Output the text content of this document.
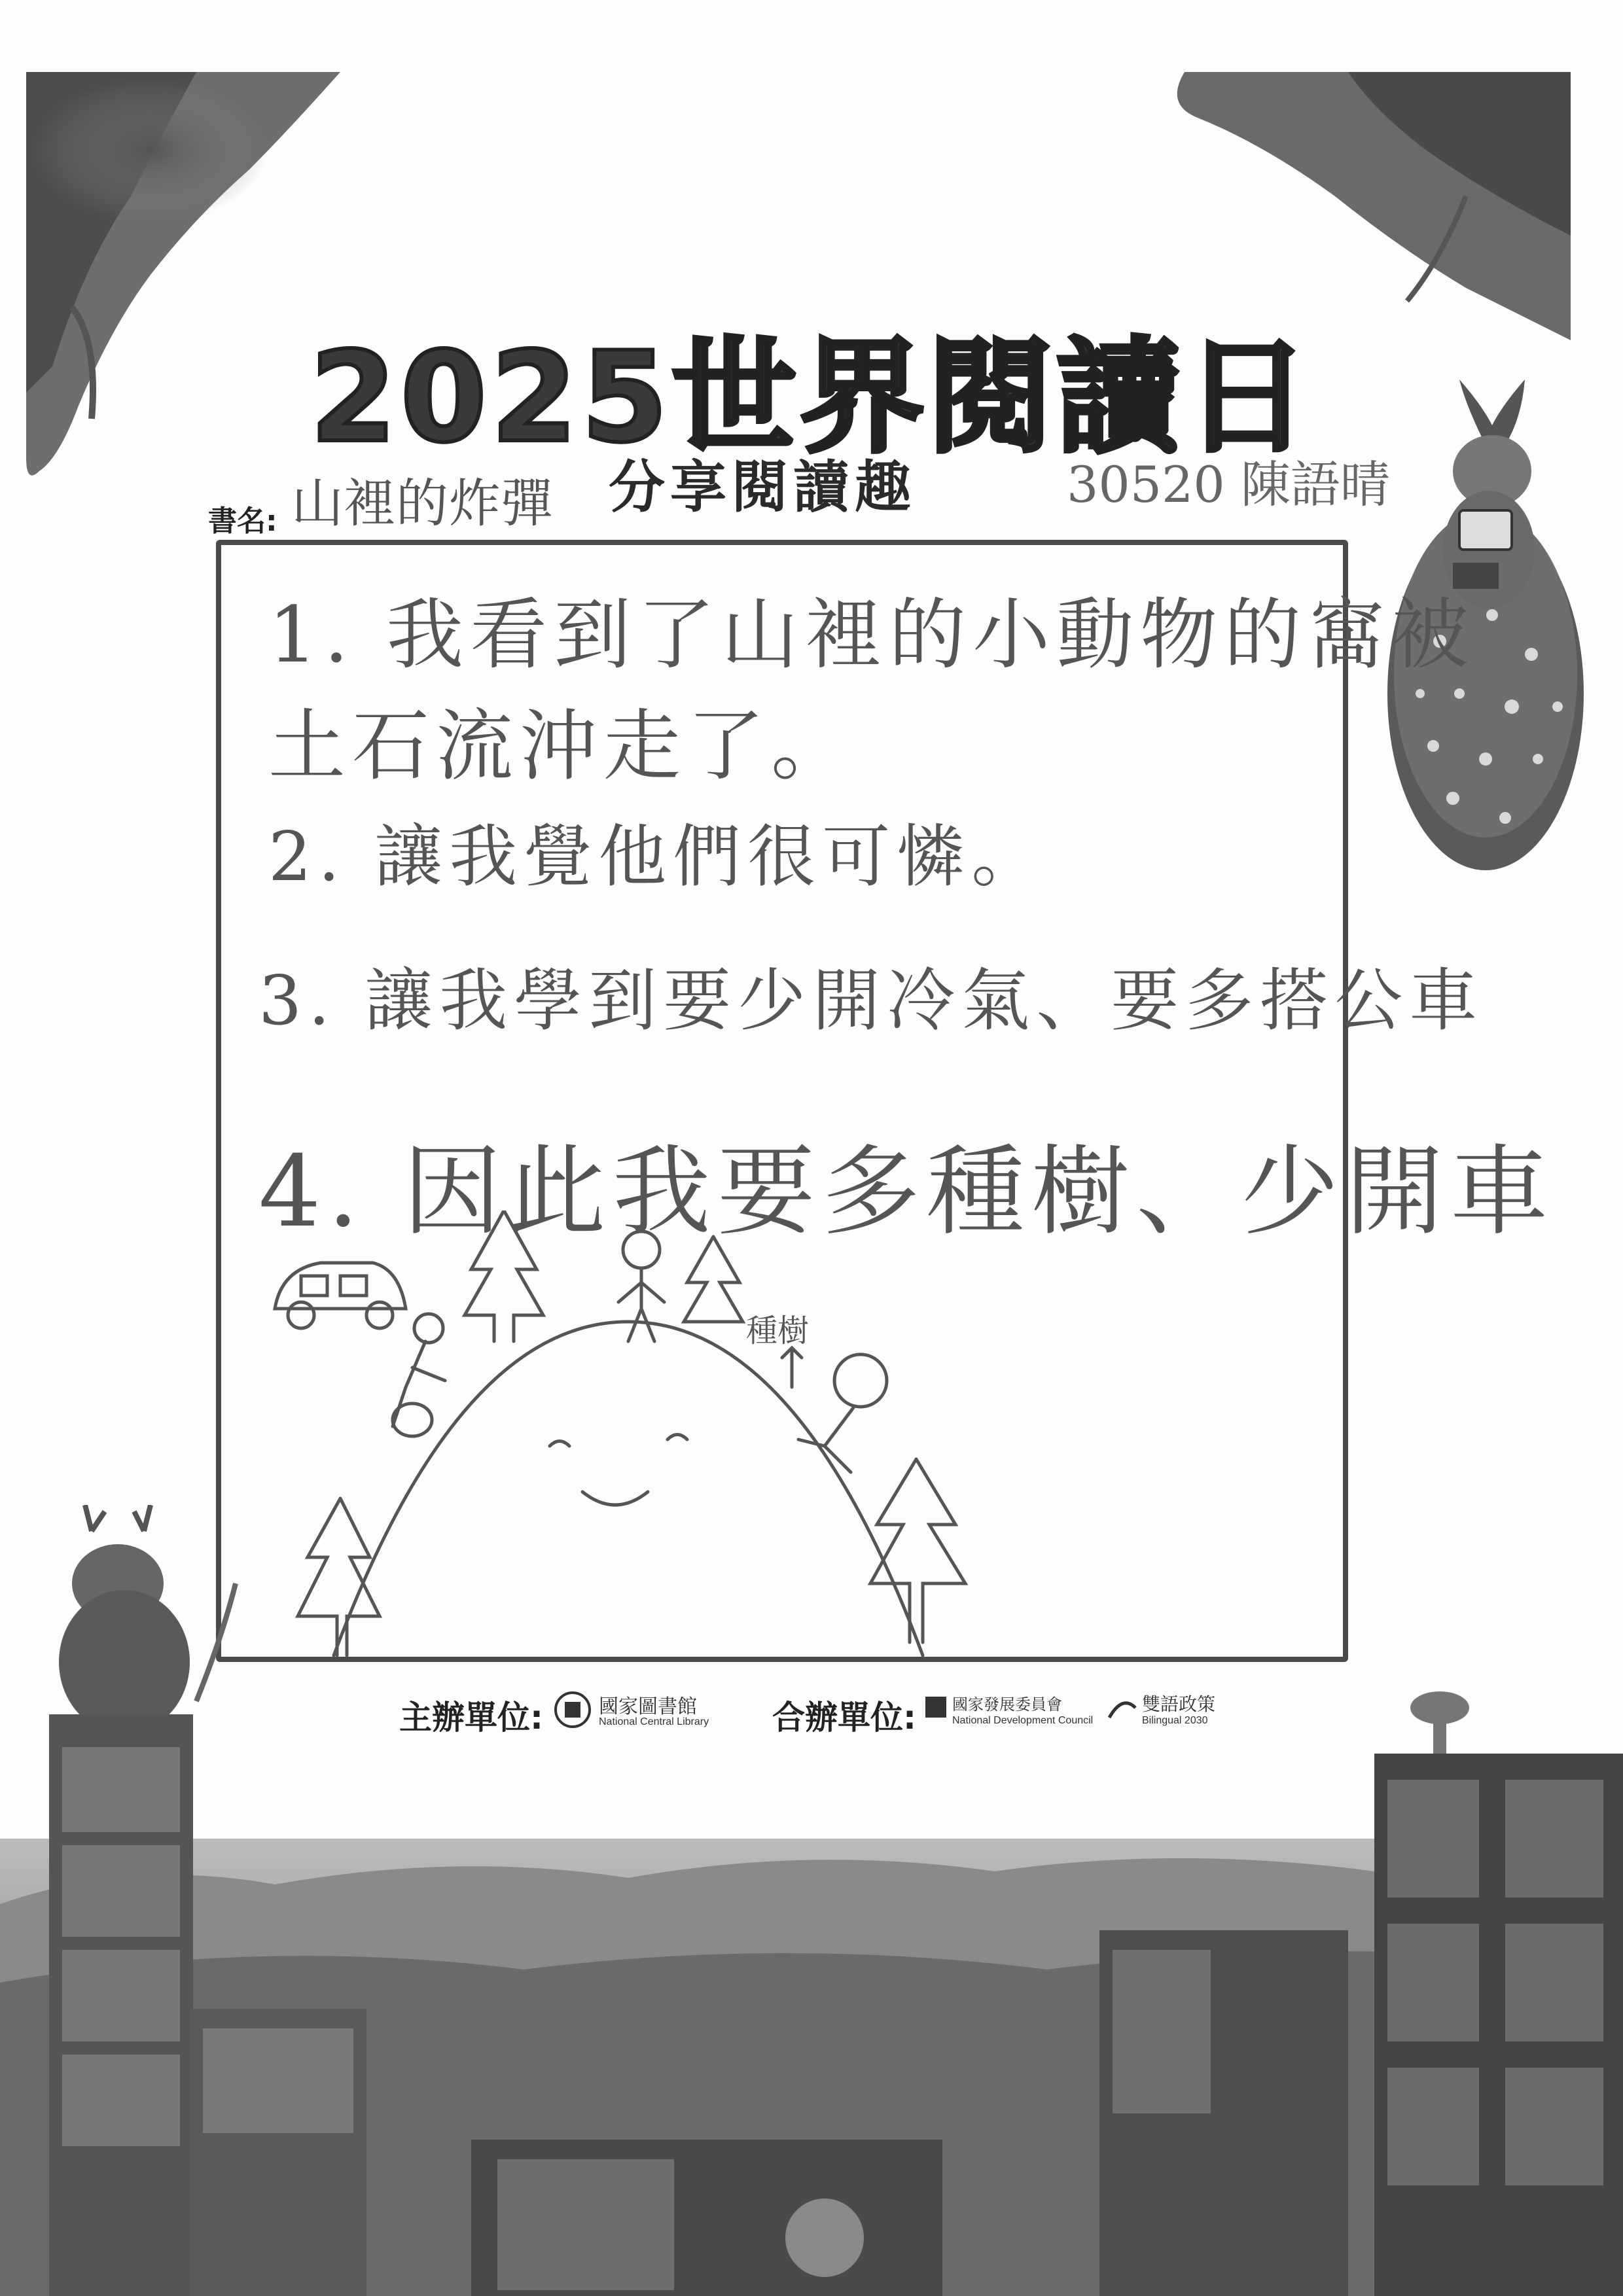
2025世界閱讀日
分享閱讀趣
書名: 山裡的炸彈	30520 陳語晴
1. 我看到了山裡的小動物的窩被
土石流沖走了。
2. 讓我覺他們很可憐。
3. 讓我學到要少開冷氣、要多搭公車
4. 因此我要多種樹、少開車
種樹
主辦單位:	國家圖書館
National Central Library 合辦單位: 國家發展委員會
National Development Council
雙語政策
Bilingual 2030
